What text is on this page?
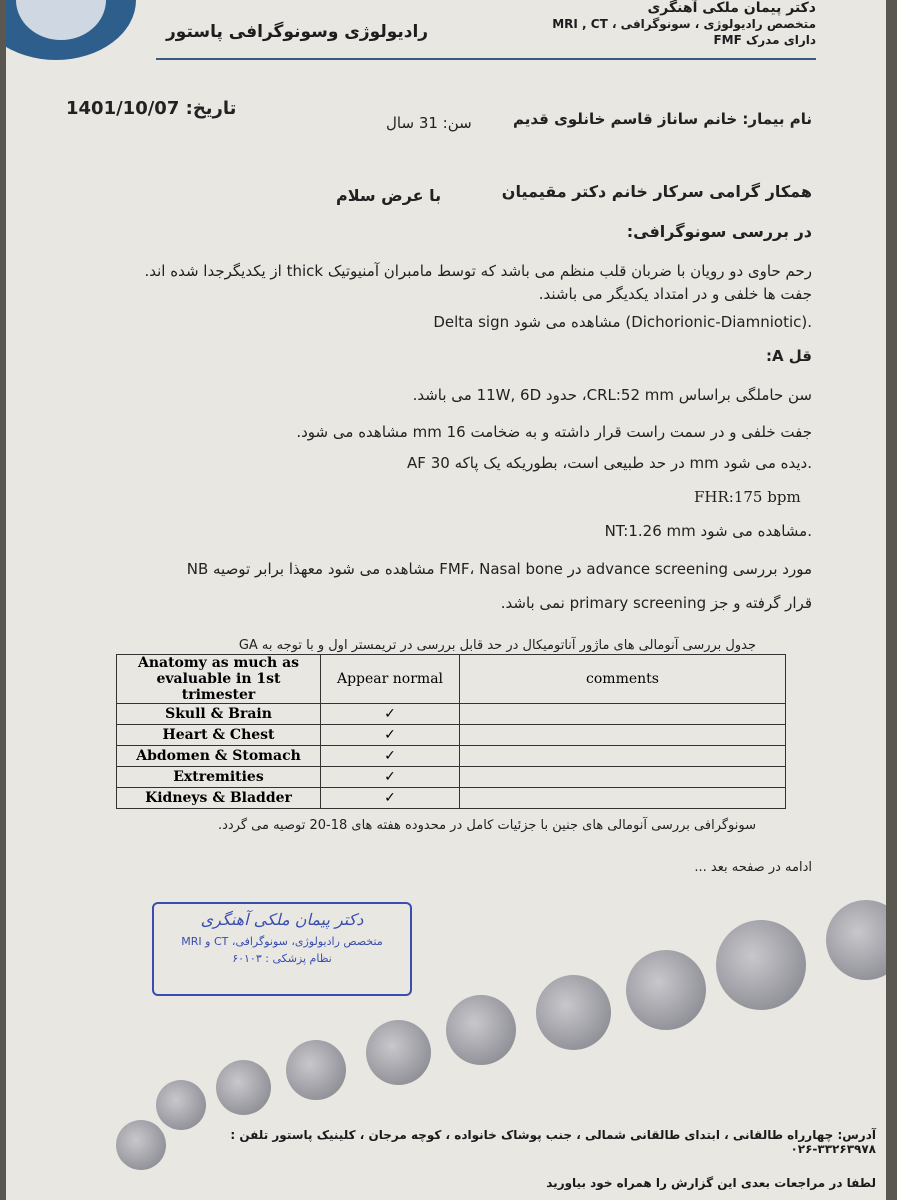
رادیولوژی وسونوگرافی پاستور
دکتر پیمان ملکی آهنگری
متخصص رادیولوژی ، سونوگرافی ، MRI , CT
دارای مدرک FMF
تاریخ: 1401/10/07
سن: 31 سال	نام بیمار: خانم ساناز قاسم خانلوی قدیم
همکار گرامی سرکار خانم دکتر مقیمیان
با عرض سلام
در بررسی سونوگرافی:
رحم حاوی دو رویان با ضربان قلب منظم می باشد که توسط مامبران آمنیوتیک thick از یکدیگرجدا شده اند.
جفت ها خلفی و در امتداد یکدیگر می باشند.
Delta sign مشاهده می شود (Dichorionic-Diamniotic).
قل A:
سن حاملگی براساس CRL:52 mm، حدود 11W, 6D می باشد.
جفت خلفی و در سمت راست قرار داشته و به ضخامت 16 mm مشاهده می شود.
AF در حد طبیعی است، بطوریکه یک پاکه 30 mm دیده می شود.
FHR:175 bpm
NT:1.26 mm مشاهده می شود.
NB مشاهده می شود معهذا برابر توصیه FMF، Nasal bone در advance screening مورد بررسی
قرار گرفته و جز primary screening نمی باشد.
جدول بررسی آنومالی های ماژور آناتومیکال در حد قابل بررسی در تریمستر اول و با توجه به GA
Anatomy as much as evaluable in 1st trimester	Appear normal	comments
Skull & Brain	✓	
Heart & Chest	✓	
Abdomen & Stomach	✓	
Extremities	✓	
Kidneys & Bladder	✓	
سونوگرافی بررسی آنومالی های جنین با جزئیات کامل در محدوده هفته های 18-20 توصیه می گردد.
ادامه در صفحه بعد ...
دکتر پیمان ملکی آهنگری
متخصص رادیولوژی، سونوگرافی، CT و MRI
نظام پزشکی : ۶۰۱۰۳
آدرس: چهارراه طالقانی ، ابتدای طالقانی شمالی ، جنب پوشاک خانواده ، کوچه مرجان ، کلینیک پاستور تلفن : ۳۳۲۶۳۹۷۸-۰۲۶
لطفا در مراجعات بعدی این گزارش را همراه خود بیاورید
